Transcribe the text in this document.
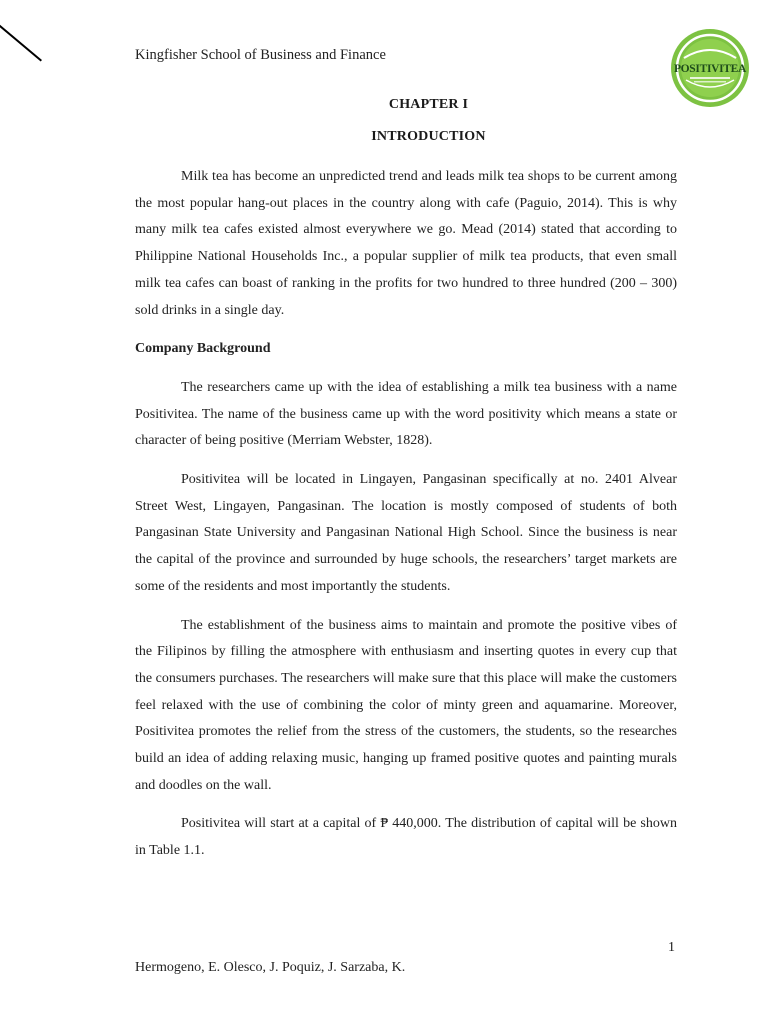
Kingfisher School of Business and Finance
POSITIVITEA
CHAPTER I
INTRODUCTION

Milk tea has become an unpredicted trend and leads milk tea shops to be current among the most popular hang-out places in the country along with cafe (Paguio, 2014). This is why many milk tea cafes existed almost everywhere we go. Mead (2014) stated that according to Philippine National Households Inc., a popular supplier of milk tea products, that even small milk tea cafes can boast of ranking in the profits for two hundred to three hundred (200 – 300) sold drinks in a single day.

Company Background

The researchers came up with the idea of establishing a milk tea business with a name Positivitea. The name of the business came up with the word positivity which means a state or character of being positive (Merriam Webster, 1828).

Positivitea will be located in Lingayen, Pangasinan specifically at no. 2401 Alvear Street West, Lingayen, Pangasinan. The location is mostly composed of students of both Pangasinan State University and Pangasinan National High School. Since the business is near the capital of the province and surrounded by huge schools, the researchers’ target markets are some of the residents and most importantly the students.

The establishment of the business aims to maintain and promote the positive vibes of the Filipinos by filling the atmosphere with enthusiasm and inserting quotes in every cup that the consumers purchases. The researchers will make sure that this place will make the customers feel relaxed with the use of combining the color of minty green and aquamarine. Moreover, Positivitea promotes the relief from the stress of the customers, the students, so the researches build an idea of adding relaxing music, hanging up framed positive quotes and painting murals and doodles on the wall.

Positivitea will start at a capital of ₱ 440,000. The distribution of capital will be shown in Table 1.1.

1
Hermogeno, E. Olesco, J. Poquiz, J. Sarzaba, K.
